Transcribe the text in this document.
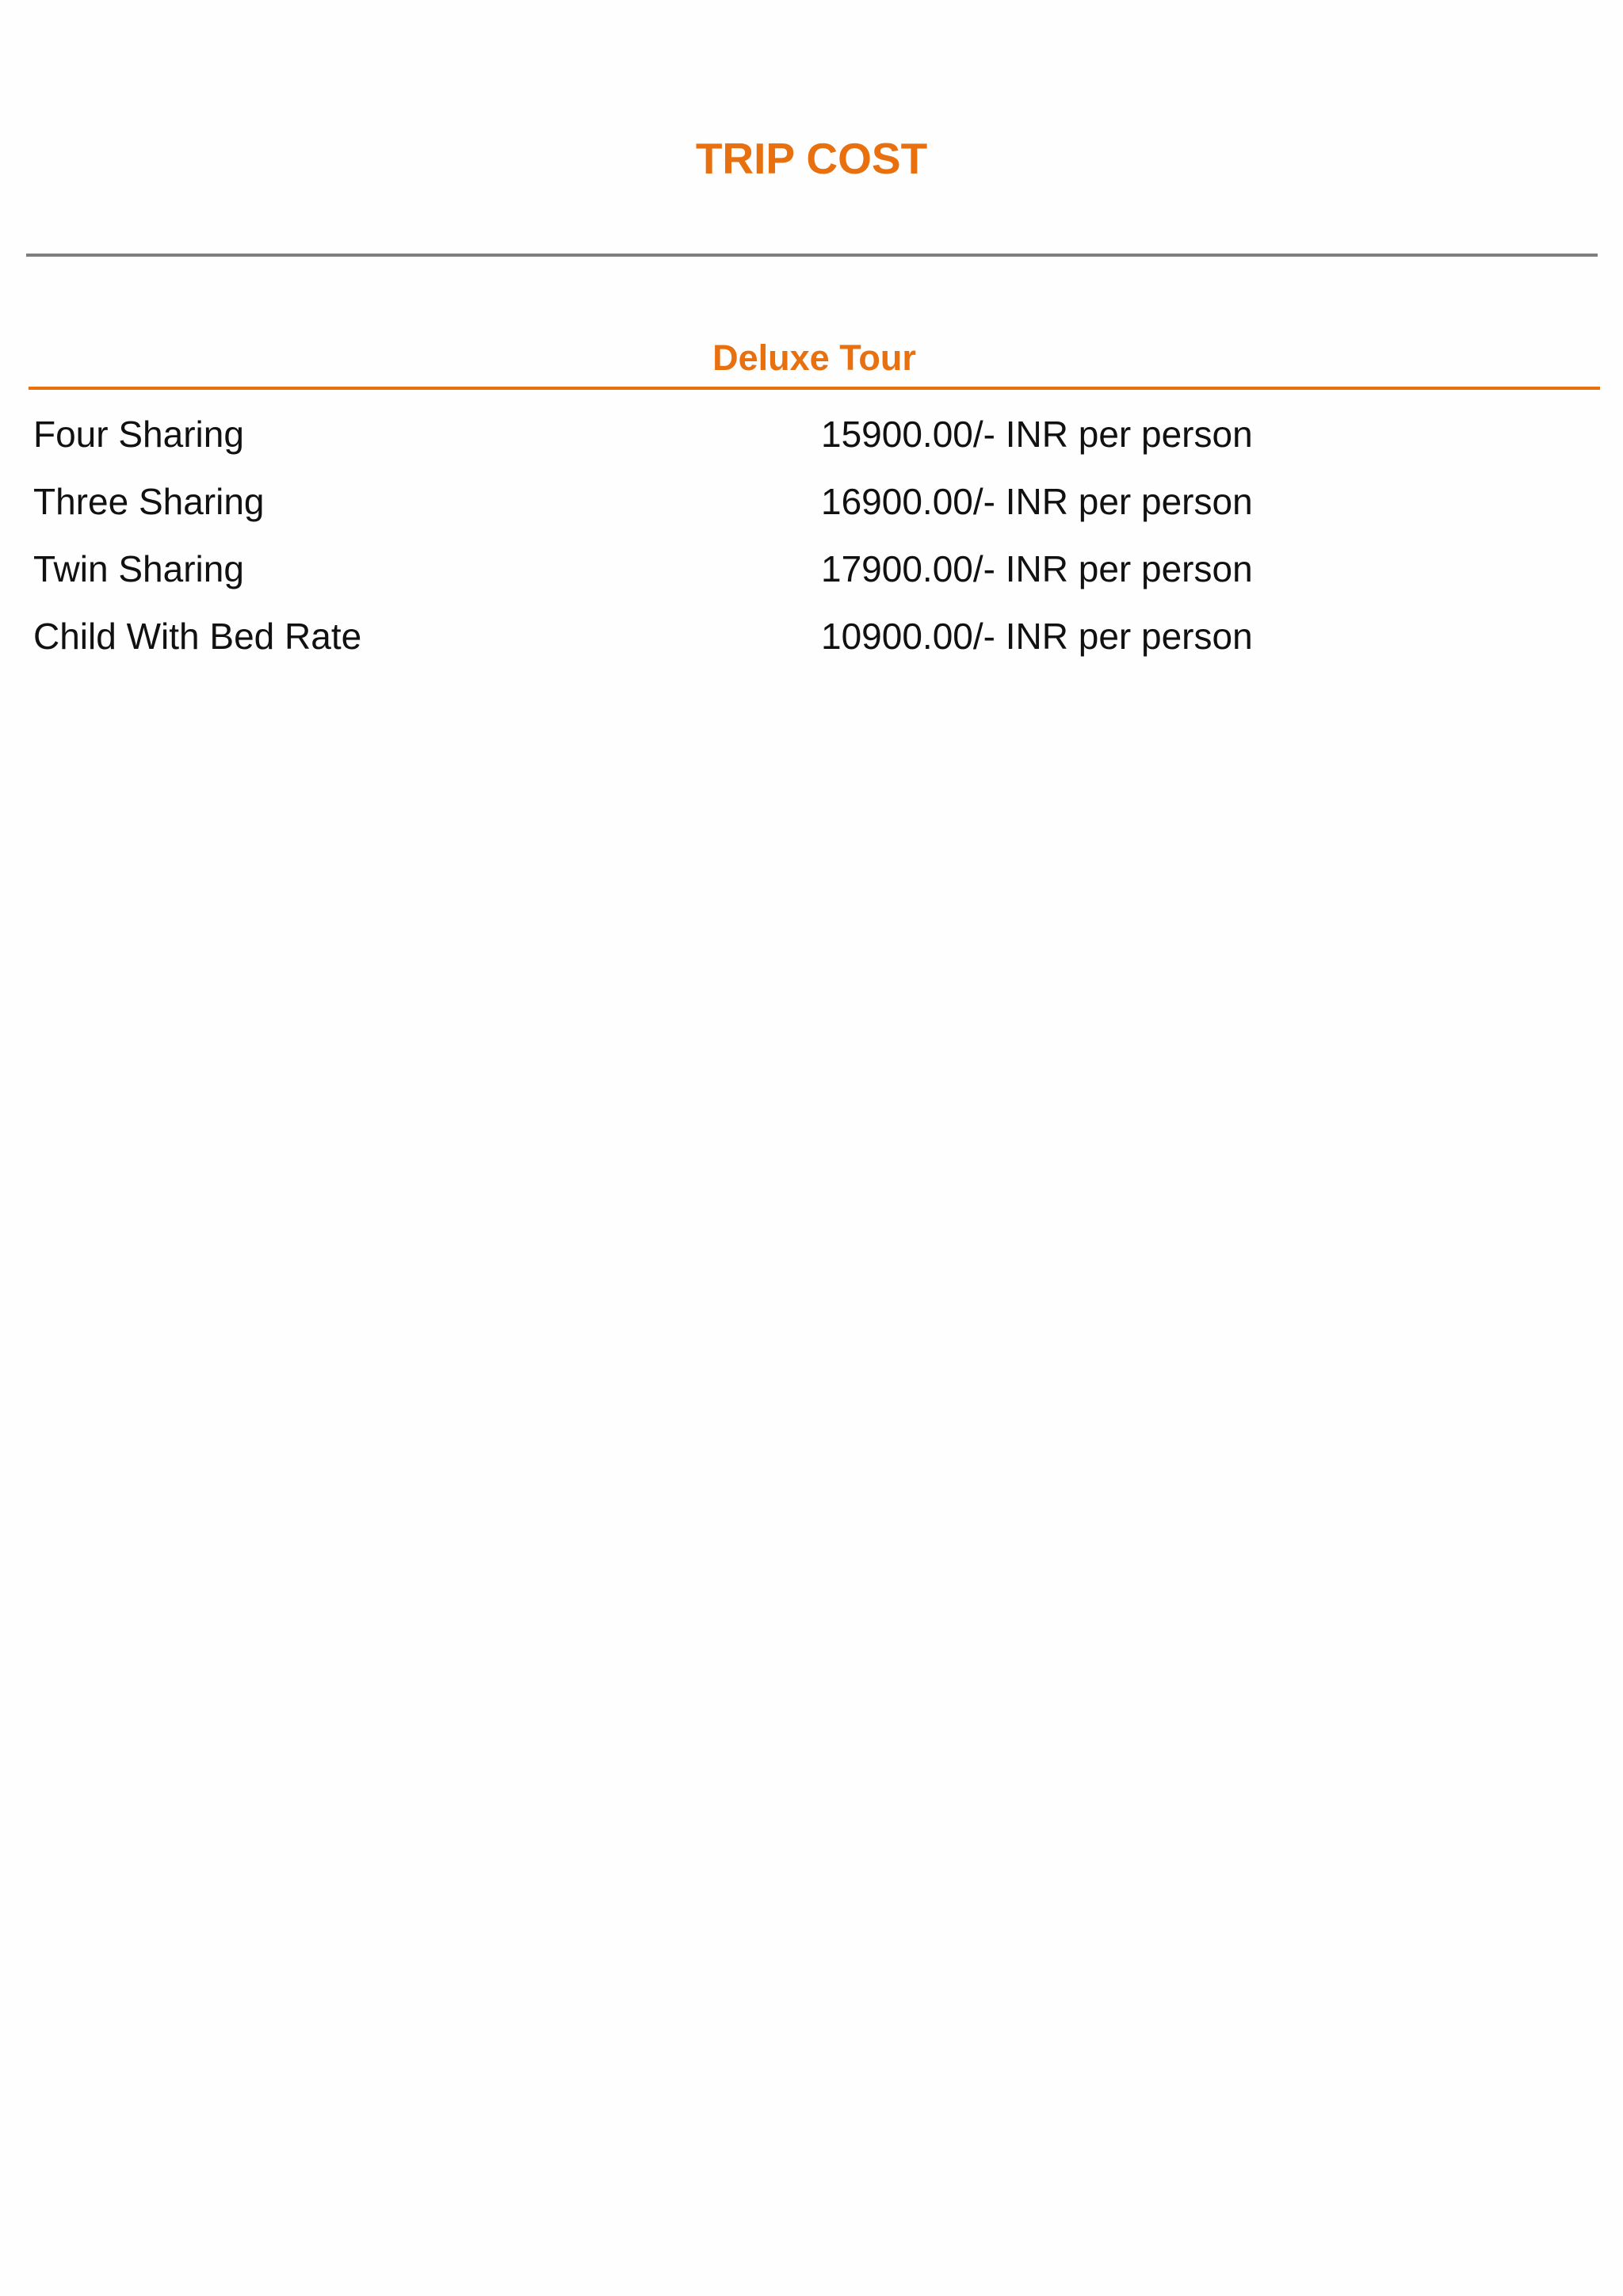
TRIP COST
Deluxe Tour
Four Sharing	15900.00/- INR per person
Three Sharing	16900.00/- INR per person
Twin Sharing	17900.00/- INR per person
Child With Bed Rate	10900.00/- INR per person
